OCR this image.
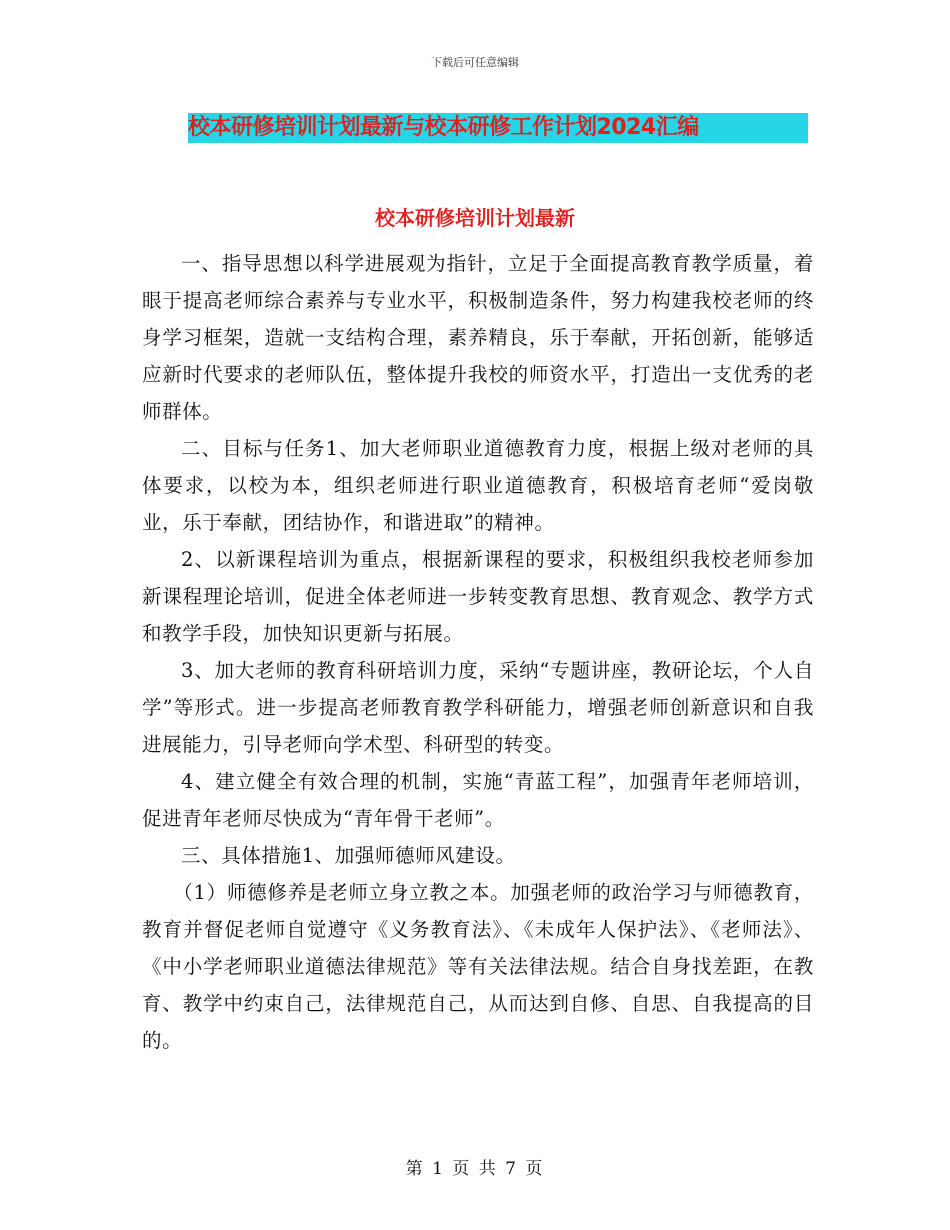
下载后可任意编辑
校本研修培训计划最新与校本研修工作计划2024汇编
校本研修培训计划最新

一、指导思想以科学进展观为指针，立足于全面提高教育教学质量，着眼于提高老师综合素养与专业水平，积极制造条件，努力构建我校老师的终身学习框架，造就一支结构合理，素养精良，乐于奉献，开拓创新，能够适应新时代要求的老师队伍，整体提升我校的师资水平，打造出一支优秀的老师群体。

二、目标与任务1、加大老师职业道德教育力度，根据上级对老师的具体要求，以校为本，组织老师进行职业道德教育，积极培育老师“爱岗敬业，乐于奉献，团结协作，和谐进取”的精神。

2、以新课程培训为重点，根据新课程的要求，积极组织我校老师参加新课程理论培训，促进全体老师进一步转变教育思想、教育观念、教学方式和教学手段，加快知识更新与拓展。

3、加大老师的教育科研培训力度，采纳“专题讲座，教研论坛，个人自学”等形式。进一步提高老师教育教学科研能力，增强老师创新意识和自我进展能力，引导老师向学术型、科研型的转变。

4、建立健全有效合理的机制，实施“青蓝工程”，加强青年老师培训，促进青年老师尽快成为“青年骨干老师”。

三、具体措施1、加强师德师风建设。

（1）师德修养是老师立身立教之本。加强老师的政治学习与师德教育，教育并督促老师自觉遵守《义务教育法》、《未成年人保护法》、《老师法》、《中小学老师职业道德法律规范》等有关法律法规。结合自身找差距，在教育、教学中约束自己，法律规范自己，从而达到自修、自思、自我提高的目的。

第 1 页 共 7 页
